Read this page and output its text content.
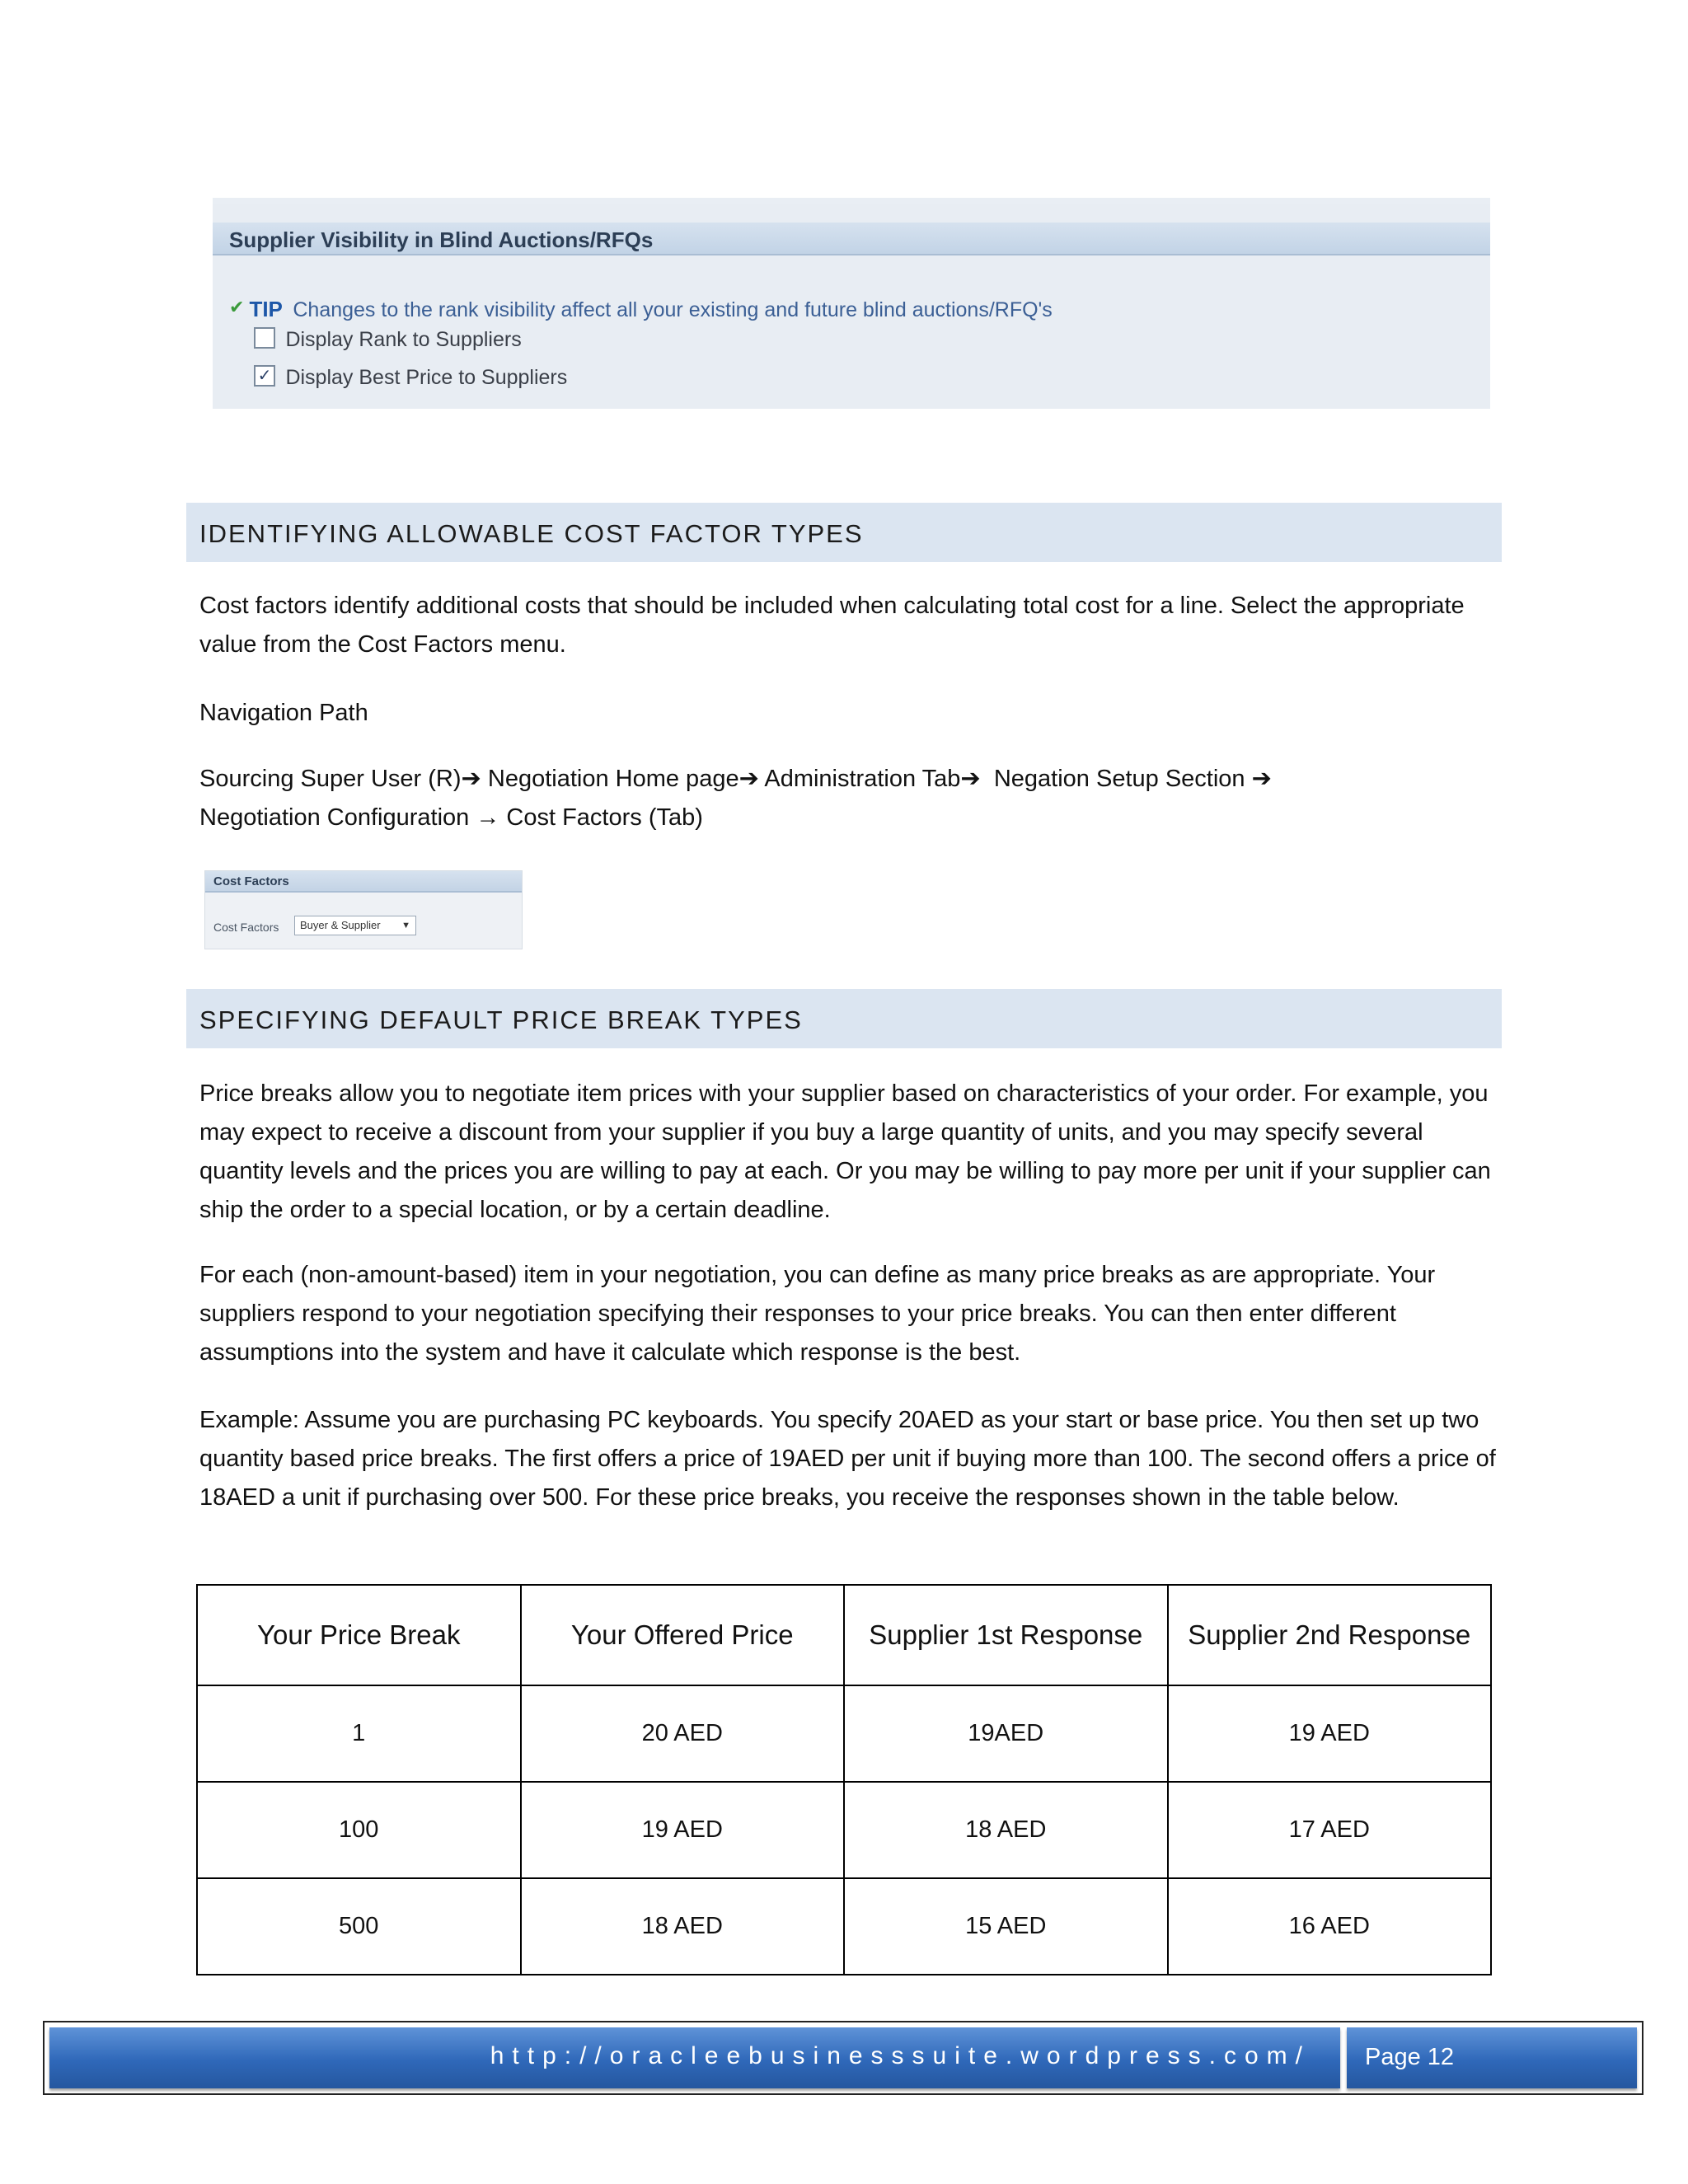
Supplier Visibility in Blind Auctions/RFQs
✔ TIP Changes to the rank visibility affect all your existing and future blind auctions/RFQ's
Display Rank to Suppliers
✓ Display Best Price to Suppliers
IDENTIFYING ALLOWABLE COST FACTOR TYPES

Cost factors identify additional costs that should be included when calculating total cost for a line. Select the appropriate value from the Cost Factors menu.

Navigation Path

Sourcing Super User (R)➔ Negotiation Home page➔ Administration Tab➔ Negation Setup Section ➔
Negotiation Configuration → Cost Factors (Tab)

Cost Factors
Cost Factors	Buyer & Supplier ▼
SPECIFYING DEFAULT PRICE BREAK TYPES

Price breaks allow you to negotiate item prices with your supplier based on characteristics of your order. For example, you may expect to receive a discount from your supplier if you buy a large quantity of units, and you may specify several quantity levels and the prices you are willing to pay at each. Or you may be willing to pay more per unit if your supplier can ship the order to a special location, or by a certain deadline.

For each (non-amount-based) item in your negotiation, you can define as many price breaks as are appropriate. Your suppliers respond to your negotiation specifying their responses to your price breaks. You can then enter different assumptions into the system and have it calculate which response is the best.

Example: Assume you are purchasing PC keyboards. You specify 20AED as your start or base price. You then set up two quantity based price breaks. The first offers a price of 19AED per unit if buying more than 100. The second offers a price of 18AED a unit if purchasing over 500. For these price breaks, you receive the responses shown in the table below.

Your Price Break	Your Offered Price	Supplier 1st Response	Supplier 2nd Response
1	20 AED	19AED	19 AED
100	19 AED	18 AED	17 AED
500	18 AED	15 AED	16 AED
http://oracleebusinesssuite.wordpress.com/ Page 12
